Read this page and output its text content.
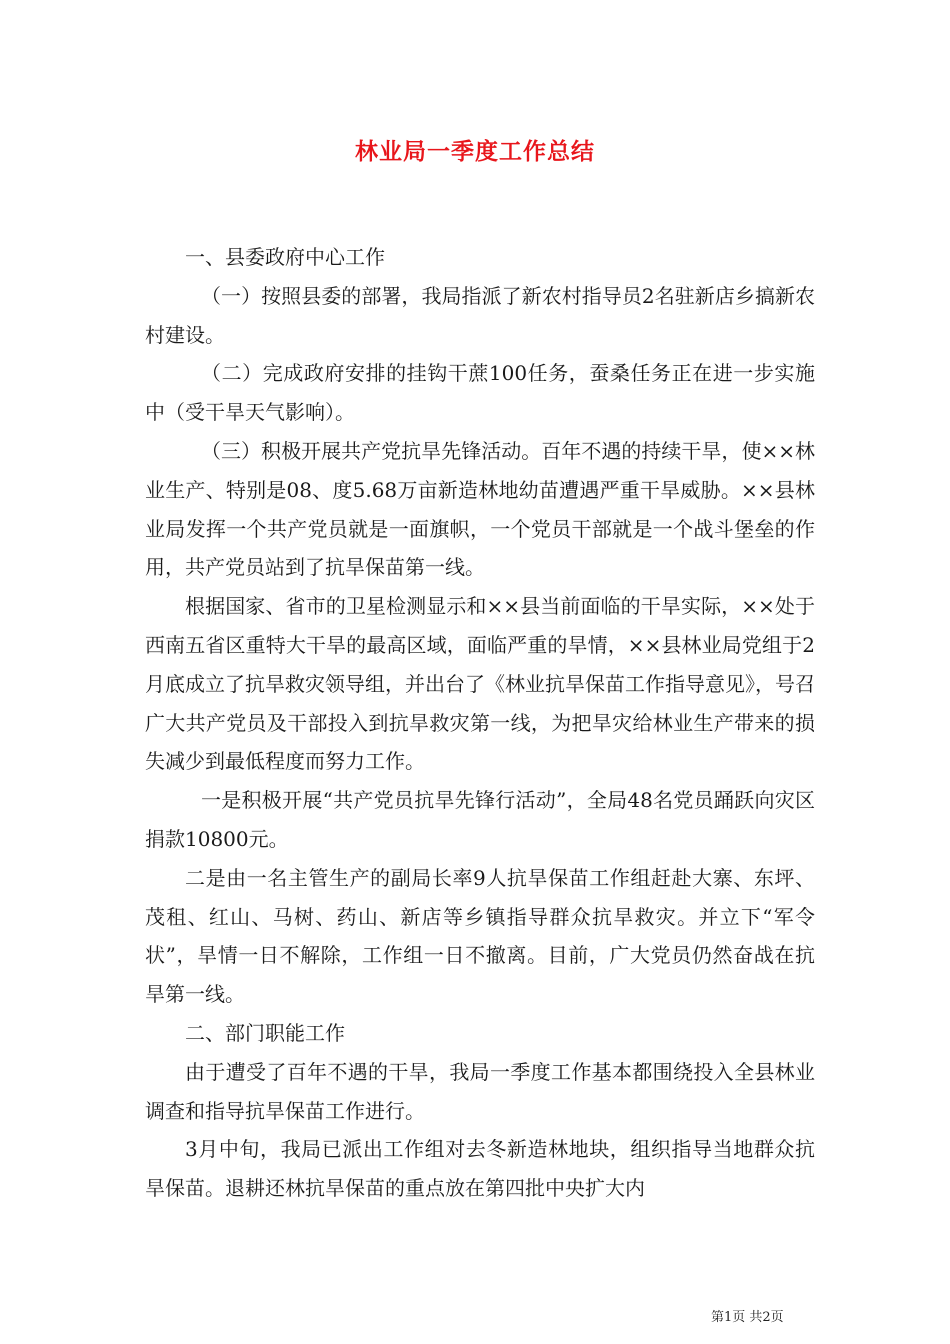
林业局一季度工作总结

一、县委政府中心工作

（一）按照县委的部署，我局指派了新农村指导员2名驻新店乡搞新农村建设。

（二）完成政府安排的挂钩干蔗100任务，蚕桑任务正在进一步实施中（受干旱天气影响）。

（三）积极开展共产党抗旱先锋活动。百年不遇的持续干旱，使××林业生产、特别是08、度5.68万亩新造林地幼苗遭遇严重干旱威胁。××县林业局发挥一个共产党员就是一面旗帜，一个党员干部就是一个战斗堡垒的作用，共产党员站到了抗旱保苗第一线。

根据国家、省市的卫星检测显示和××县当前面临的干旱实际，××处于西南五省区重特大干旱的最高区域，面临严重的旱情，××县林业局党组于2月底成立了抗旱救灾领导组，并出台了《林业抗旱保苗工作指导意见》，号召广大共产党员及干部投入到抗旱救灾第一线，为把旱灾给林业生产带来的损失减少到最低程度而努力工作。

一是积极开展“共产党员抗旱先锋行活动”，全局48名党员踊跃向灾区捐款10800元。

二是由一名主管生产的副局长率9人抗旱保苗工作组赶赴大寨、东坪、茂租、红山、马树、药山、新店等乡镇指导群众抗旱救灾。并立下“军令状”，旱情一日不解除，工作组一日不撤离。目前，广大党员仍然奋战在抗旱第一线。

二、部门职能工作

由于遭受了百年不遇的干旱，我局一季度工作基本都围绕投入全县林业调查和指导抗旱保苗工作进行。

3月中旬，我局已派出工作组对去冬新造林地块，组织指导当地群众抗旱保苗。退耕还林抗旱保苗的重点放在第四批中央扩大内

第1页 共2页
